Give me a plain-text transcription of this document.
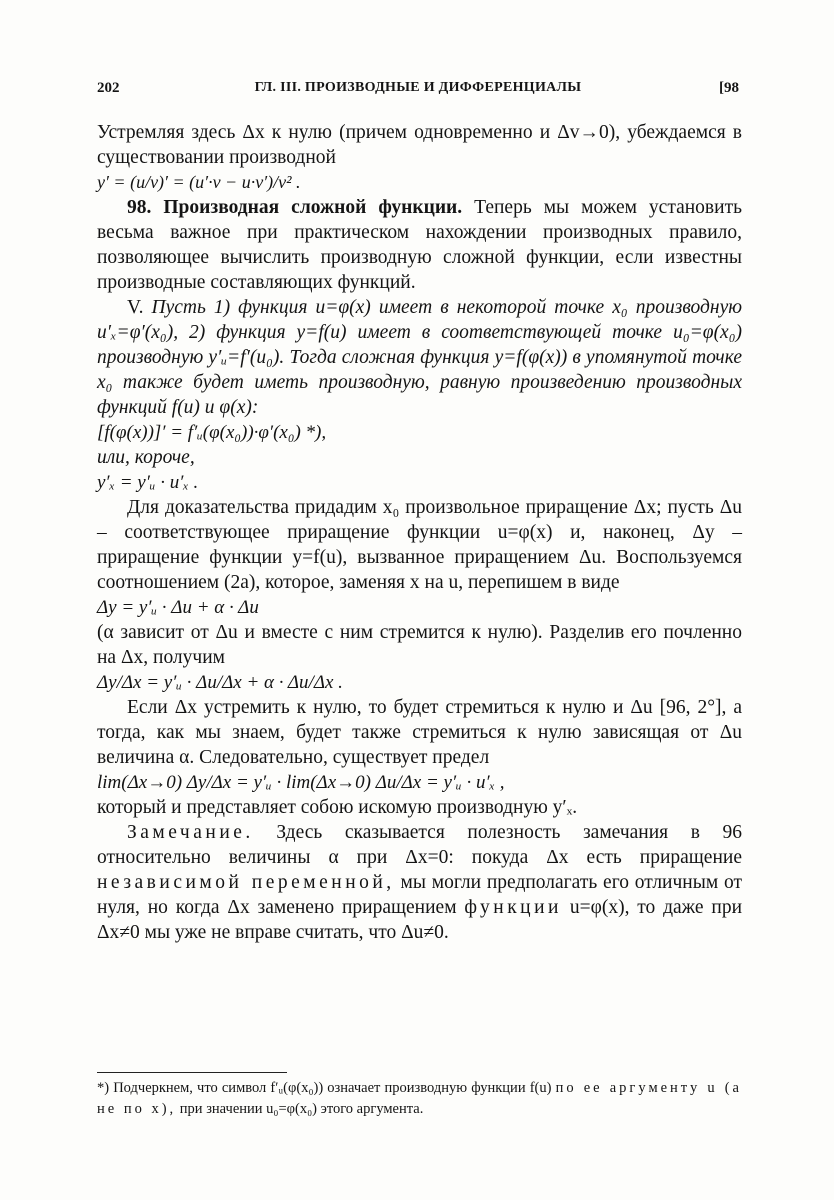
202	ГЛ. III. ПРОИЗВОДНЫЕ И ДИФФЕРЕНЦИАЛЫ	[98

Устремляя здесь Δx к нулю (причем одновременно и Δv→0), убеждаемся в существовании производной

y′ = (u/v)′ = (u′·v − u·v′)/v² .

98. Производная сложной функции. Теперь мы можем установить весьма важное при практическом нахождении производных правило, позволяющее вычислить производную сложной функции, если известны производные составляющих функций.

V. Пусть 1) функция u=φ(x) имеет в некоторой точке x₀ производную u′ₓ=φ′(x₀), 2) функция y=f(u) имеет в соответствующей точке u₀=φ(x₀) производную y′ᵤ=f′(u₀). Тогда сложная функция y=f(φ(x)) в упомянутой точке x₀ также будет иметь производную, равную произведению производных функций f(u) и φ(x):

[f(φ(x))]′ = f′ᵤ(φ(x₀))·φ′(x₀) *),

или, короче,

y′ₓ = y′ᵤ · u′ₓ .

Для доказательства придадим x₀ произвольное приращение Δx; пусть Δu – соответствующее приращение функции u=φ(x) и, наконец, Δy – приращение функции y=f(u), вызванное приращением Δu. Воспользуемся соотношением (2а), которое, заменяя x на u, перепишем в виде

Δy = y′ᵤ · Δu + α · Δu

(α зависит от Δu и вместе с ним стремится к нулю). Разделив его почленно на Δx, получим

Δy/Δx = y′ᵤ · Δu/Δx + α · Δu/Δx .

Если Δx устремить к нулю, то будет стремиться к нулю и Δu [96, 2°], а тогда, как мы знаем, будет также стремиться к нулю зависящая от Δu величина α. Следовательно, существует предел

lim(Δx→0) Δy/Δx = y′ᵤ · lim(Δx→0) Δu/Δx = y′ᵤ · u′ₓ ,

который и представляет собою искомую производную y′ₓ.

Замечание. Здесь сказывается полезность замечания в 96 относительно величины α при Δx=0: покуда Δx есть приращение независимой переменной, мы могли предполагать его отличным от нуля, но когда Δx заменено приращением функции u=φ(x), то даже при Δx≠0 мы уже не вправе считать, что Δu≠0.

*) Подчеркнем, что символ f′ᵤ(φ(x₀)) означает производную функции f(u) по ее аргументу u (а не по x), при значении u₀=φ(x₀) этого аргумента.
